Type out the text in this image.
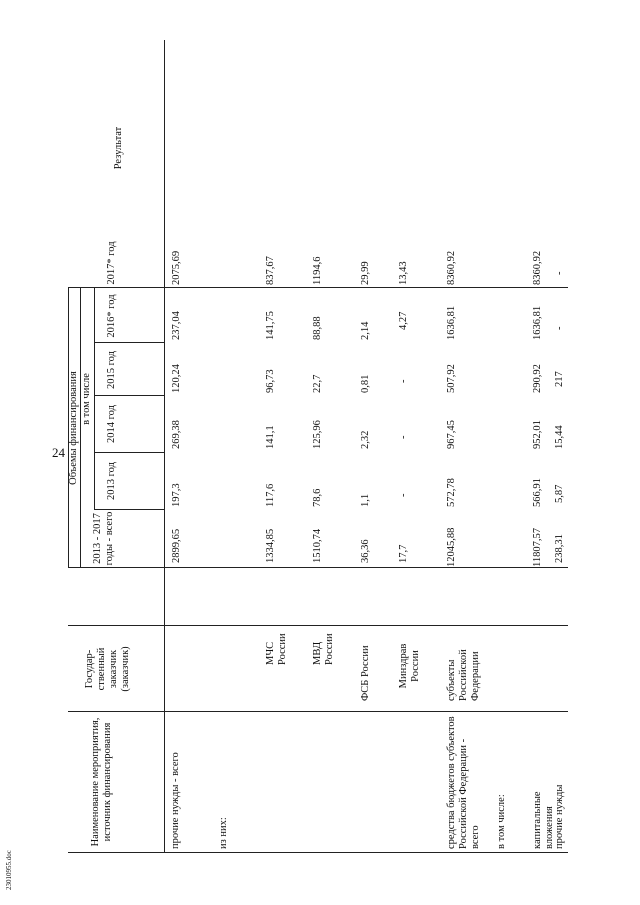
24
23010955.doc
Наименование мероприятия, источник финансирования
Государ-ственный заказчик (заказчик)
Объемы финансирования
2013 - 2017 годы - всего
в том числе
2013 год
2014 год
2015 год
2016* год
2017* год
Результат
прочие нужды - всего
2899,65
197,3
269,38
120,24
237,04
2075,69
из них:
МЧС России
1334,85
117,6
141,1
96,73
141,75
837,67
МВД России
1510,74
78,6
125,96
22,7
88,88
1194,6
ФСБ России
36,36
1,1
2,32
0,81
2,14
29,99
Минздрав России
17,7
-
-
-
4,27
13,43
средства бюджетов субъектов Российской Федерации - всего
субъекты Российской Федерации
12045,88
572,78
967,45
507,92
1636,81
8360,92
в том числе: капитальные вложения
11807,57
566,91
952,01
290,92
1636,81
8360,92
прочие нужды
238,31
5,87
15,44
217
-
-
